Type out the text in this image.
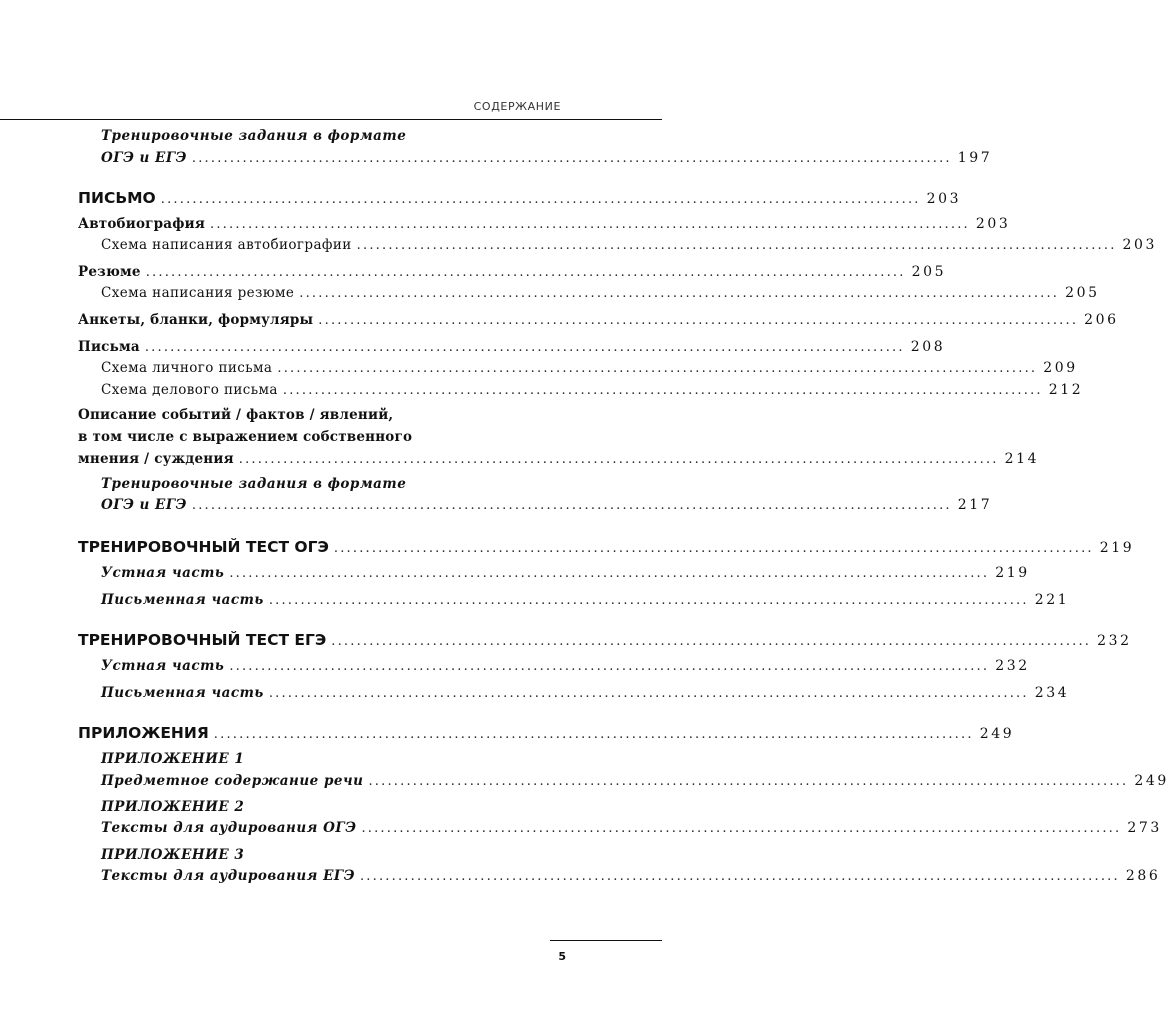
СОДЕРЖАНИЕ
Тренировочные задания в формате
ОГЭ и ЕГЭ ........................................................................................................................ 197
ПИСЬМО ........................................................................................................................ 203
Автобиография ........................................................................................................................ 203
Схема написания автобиографии ........................................................................................................................ 203
Резюме ........................................................................................................................ 205
Схема написания резюме ........................................................................................................................ 205
Анкеты, бланки, формуляры ........................................................................................................................ 206
Письма ........................................................................................................................ 208
Схема личного письма ........................................................................................................................ 209
Схема делового письма ........................................................................................................................ 212
Описание событий / фактов / явлений,
в том числе с выражением собственного
мнения / суждения ........................................................................................................................ 214
Тренировочные задания в формате
ОГЭ и ЕГЭ ........................................................................................................................ 217
ТРЕНИРОВОЧНЫЙ ТЕСТ ОГЭ ........................................................................................................................ 219
Устная часть ........................................................................................................................ 219
Письменная часть ........................................................................................................................ 221
ТРЕНИРОВОЧНЫЙ ТЕСТ ЕГЭ ........................................................................................................................ 232
Устная часть ........................................................................................................................ 232
Письменная часть ........................................................................................................................ 234
ПРИЛОЖЕНИЯ ........................................................................................................................ 249
ПРИЛОЖЕНИЕ 1
Предметное содержание речи ........................................................................................................................ 249
ПРИЛОЖЕНИЕ 2
Тексты для аудирования ОГЭ ........................................................................................................................ 273
ПРИЛОЖЕНИЕ 3
Тексты для аудирования ЕГЭ ........................................................................................................................ 286
5
